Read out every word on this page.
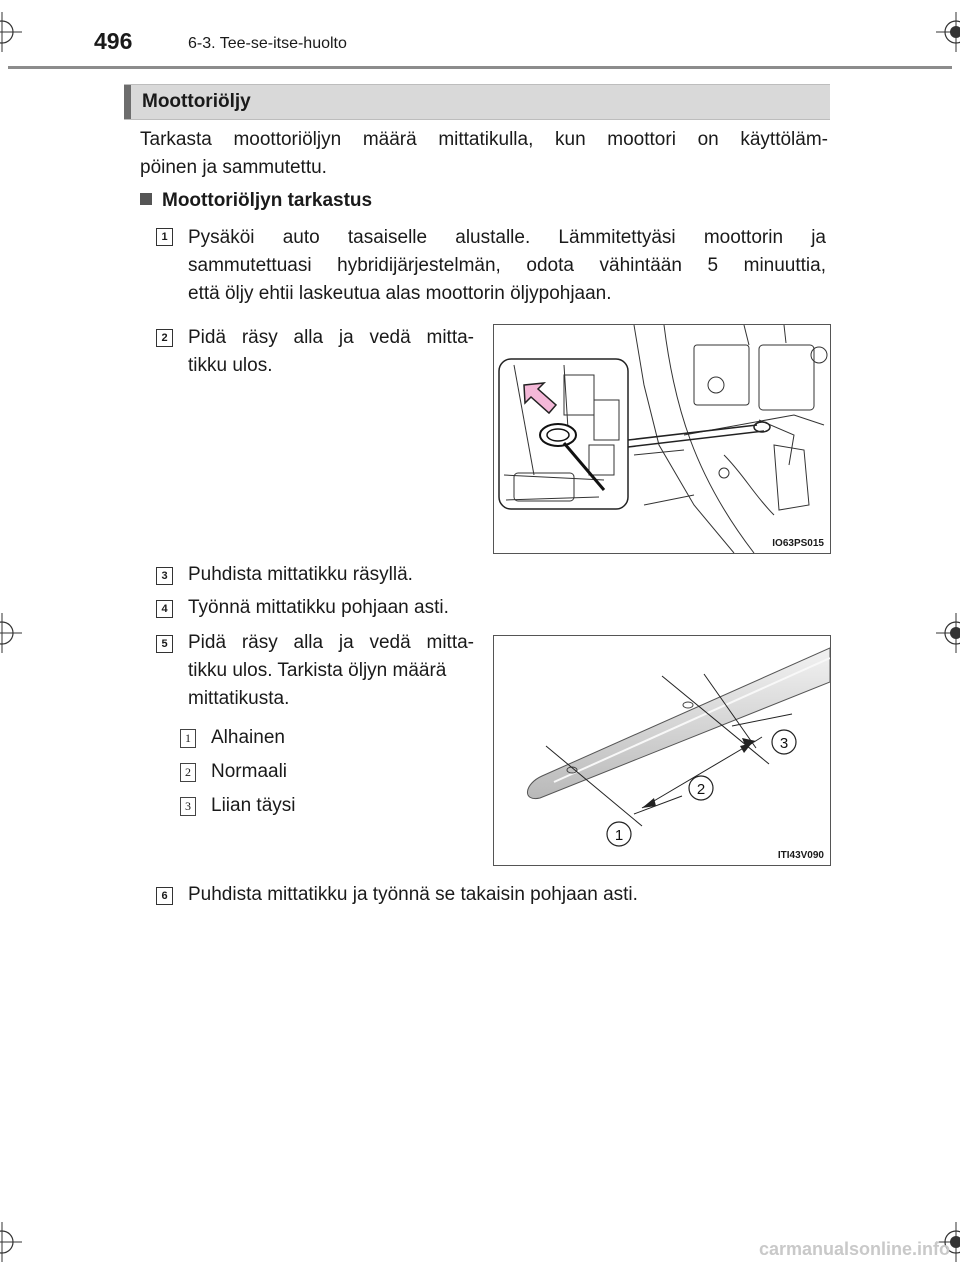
496	6-3. Tee-se-itse-huolto
Moottoriöljy
Tarkasta moottoriöljyn määrä mittatikulla, kun moottori on käyttöläm-
pöinen ja sammutettu.
Moottoriöljyn tarkastus
1 Pysäköi auto tasaiselle alustalle. Lämmitettyäsi moottorin ja
sammutettuasi hybridijärjestelmän, odota vähintään 5 minuuttia,
että öljy ehtii laskeutua alas moottorin öljypohjaan.
2 Pidä räsy alla ja vedä mitta-
tikku ulos.
IO63PS015
3 Puhdista mittatikku räsyllä.
4 Työnnä mittatikku pohjaan asti.
5 Pidä räsy alla ja vedä mitta-
tikku ulos. Tarkista öljyn määrä
mittatikusta.
1 Alhainen
2 Normaali
3 Liian täysi
1
2
3
ITI43V090
6 Puhdista mittatikku ja työnnä se takaisin pohjaan asti.
carmanualsonline.info
